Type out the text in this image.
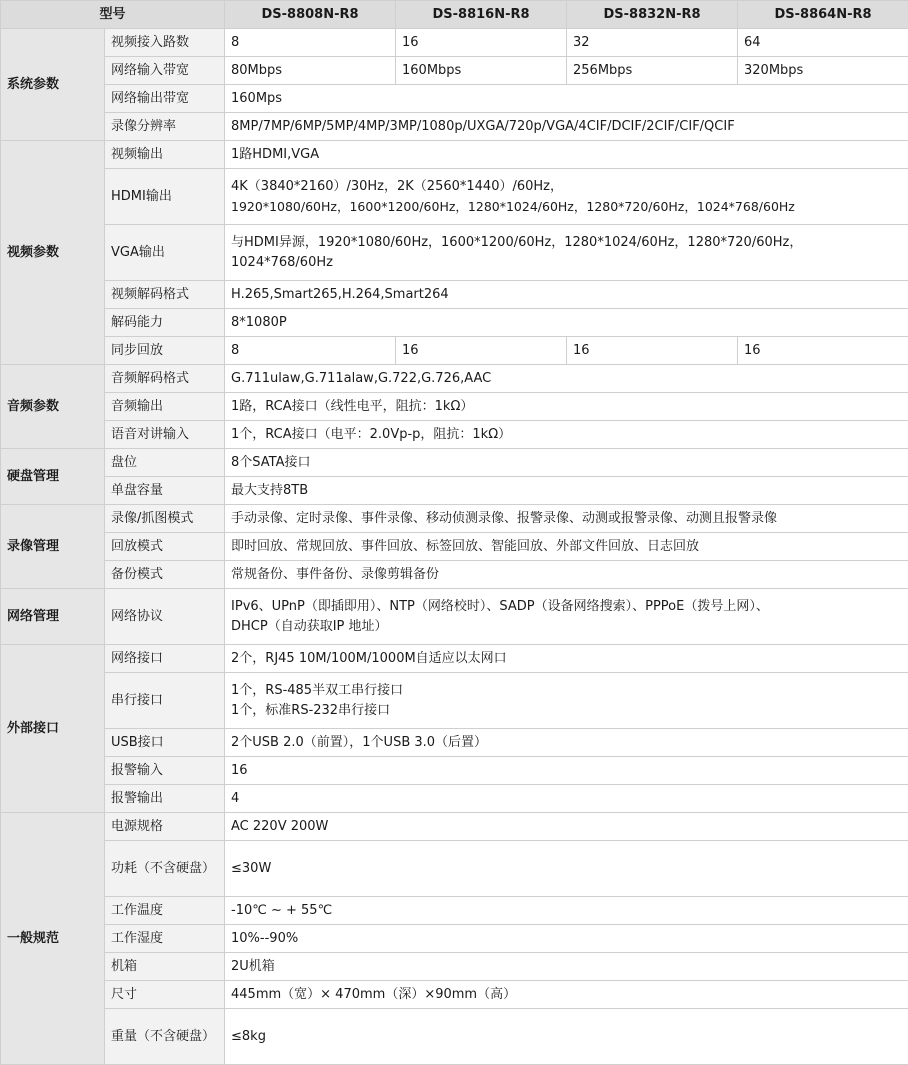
型号		DS-8808N-R8	DS-8816N-R8	DS-8832N-R8	DS-8864N-R8
系统参数	视频接入路数	8	16	32	64
	网络输入带宽	80Mbps	160Mbps	256Mbps	320Mbps
	网络输出带宽	160Mps			
	录像分辨率	8MP/7MP/6MP/5MP/4MP/3MP/1080p/UXGA/720p/VGA/4CIF/DCIF/2CIF/CIF/QCIF			
视频参数	视频输出	1路HDMI,VGA			
	HDMI输出	4K（3840*2160）/30Hz，2K（2560*1440）/60Hz，
1920*1080/60Hz，1600*1200/60Hz，1280*1024/60Hz，1280*720/60Hz，1024*768/60Hz			

	VGA输出	与HDMI异源，1920*1080/60Hz，1600*1200/60Hz，1280*1024/60Hz，1280*720/60Hz，
1024*768/60Hz			

	视频解码格式	H.265,Smart265,H.264,Smart264			
	解码能力	8*1080P			
	同步回放	8	16	16	16
音频参数	音频解码格式	G.711ulaw,G.711alaw,G.722,G.726,AAC			
	音频输出	1路，RCA接口（线性电平，阻抗：1kΩ）			
	语音对讲输入	1个，RCA接口（电平：2.0Vp-p，阻抗：1kΩ）			
硬盘管理	盘位	8个SATA接口			
	单盘容量	最大支持8TB			
录像管理	录像/抓图模式	手动录像、定时录像、事件录像、移动侦测录像、报警录像、动测或报警录像、动测且报警录像			
	回放模式	即时回放、常规回放、事件回放、标签回放、智能回放、外部文件回放、日志回放			
	备份模式	常规备份、事件备份、录像剪辑备份			
网络管理	网络协议	IPv6、UPnP（即插即用）、NTP（网络校时）、SADP（设备网络搜索）、PPPoE（拨号上网）、
DHCP（自动获取IP 地址）			

外部接口	网络接口	2个，RJ45 10M/100M/1000M自适应以太网口			
	串行接口	1个，RS-485半双工串行接口
1个，标准RS-232串行接口			

	USB接口	2个USB 2.0（前置），1个USB 3.0（后置）			
	报警输入	16			
	报警输出	4			
一般规范	电源规格	AC 220V 200W			
	功耗（不含硬盘）	≤30W			
	工作温度	-10℃ ~ + 55℃			
	工作湿度	10%--90%			
	机箱	2U机箱			
	尺寸	445mm（宽）× 470mm（深）×90mm（高）			
	重量（不含硬盘）	≤8kg			
